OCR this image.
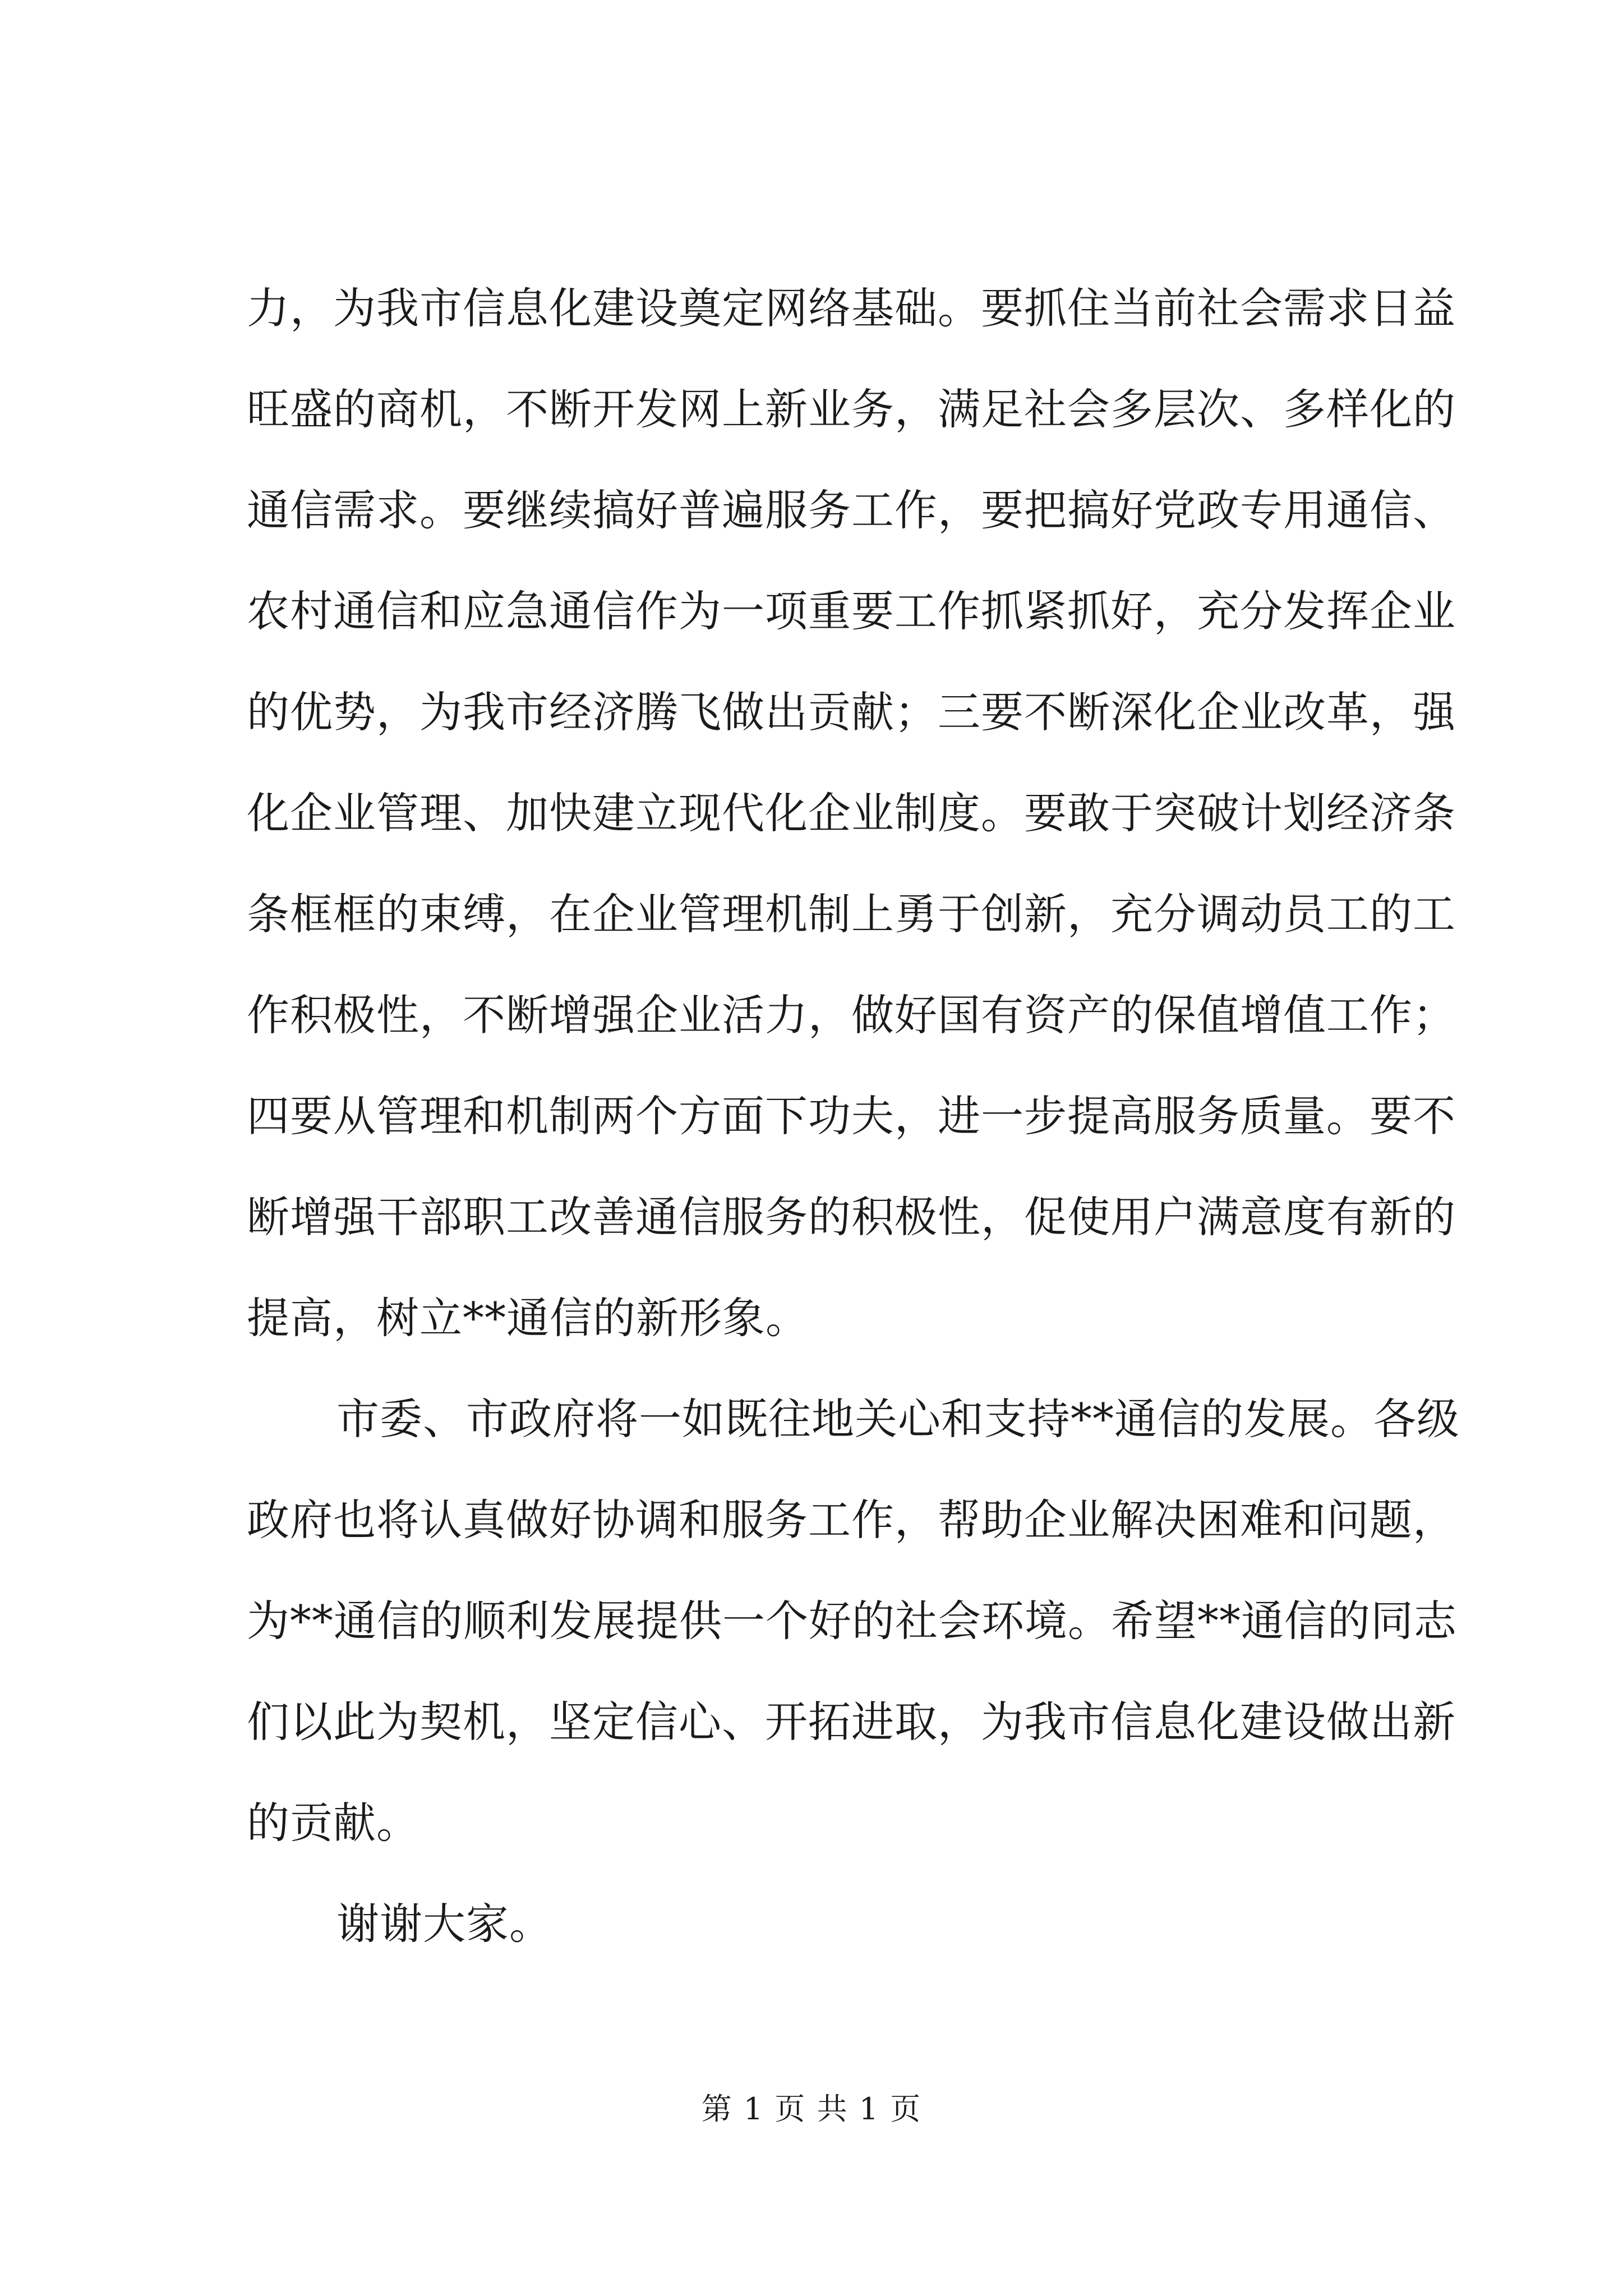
力，为我市信息化建设奠定网络基础。要抓住当前社会需求日益
旺盛的商机，不断开发网上新业务，满足社会多层次、多样化的
通信需求。要继续搞好普遍服务工作，要把搞好党政专用通信、
农村通信和应急通信作为一项重要工作抓紧抓好，充分发挥企业
的优势，为我市经济腾飞做出贡献；三要不断深化企业改革，强
化企业管理、加快建立现代化企业制度。要敢于突破计划经济条
条框框的束缚，在企业管理机制上勇于创新，充分调动员工的工
作积极性，不断增强企业活力，做好国有资产的保值增值工作；
四要从管理和机制两个方面下功夫，进一步提高服务质量。要不
断增强干部职工改善通信服务的积极性，促使用户满意度有新的
提高，树立**通信的新形象。
市委、市政府将一如既往地关心和支持**通信的发展。各级
政府也将认真做好协调和服务工作，帮助企业解决困难和问题，
为**通信的顺利发展提供一个好的社会环境。希望**通信的同志
们以此为契机，坚定信心、开拓进取，为我市信息化建设做出新
的贡献。
谢谢大家。
第 1 页 共 1 页
